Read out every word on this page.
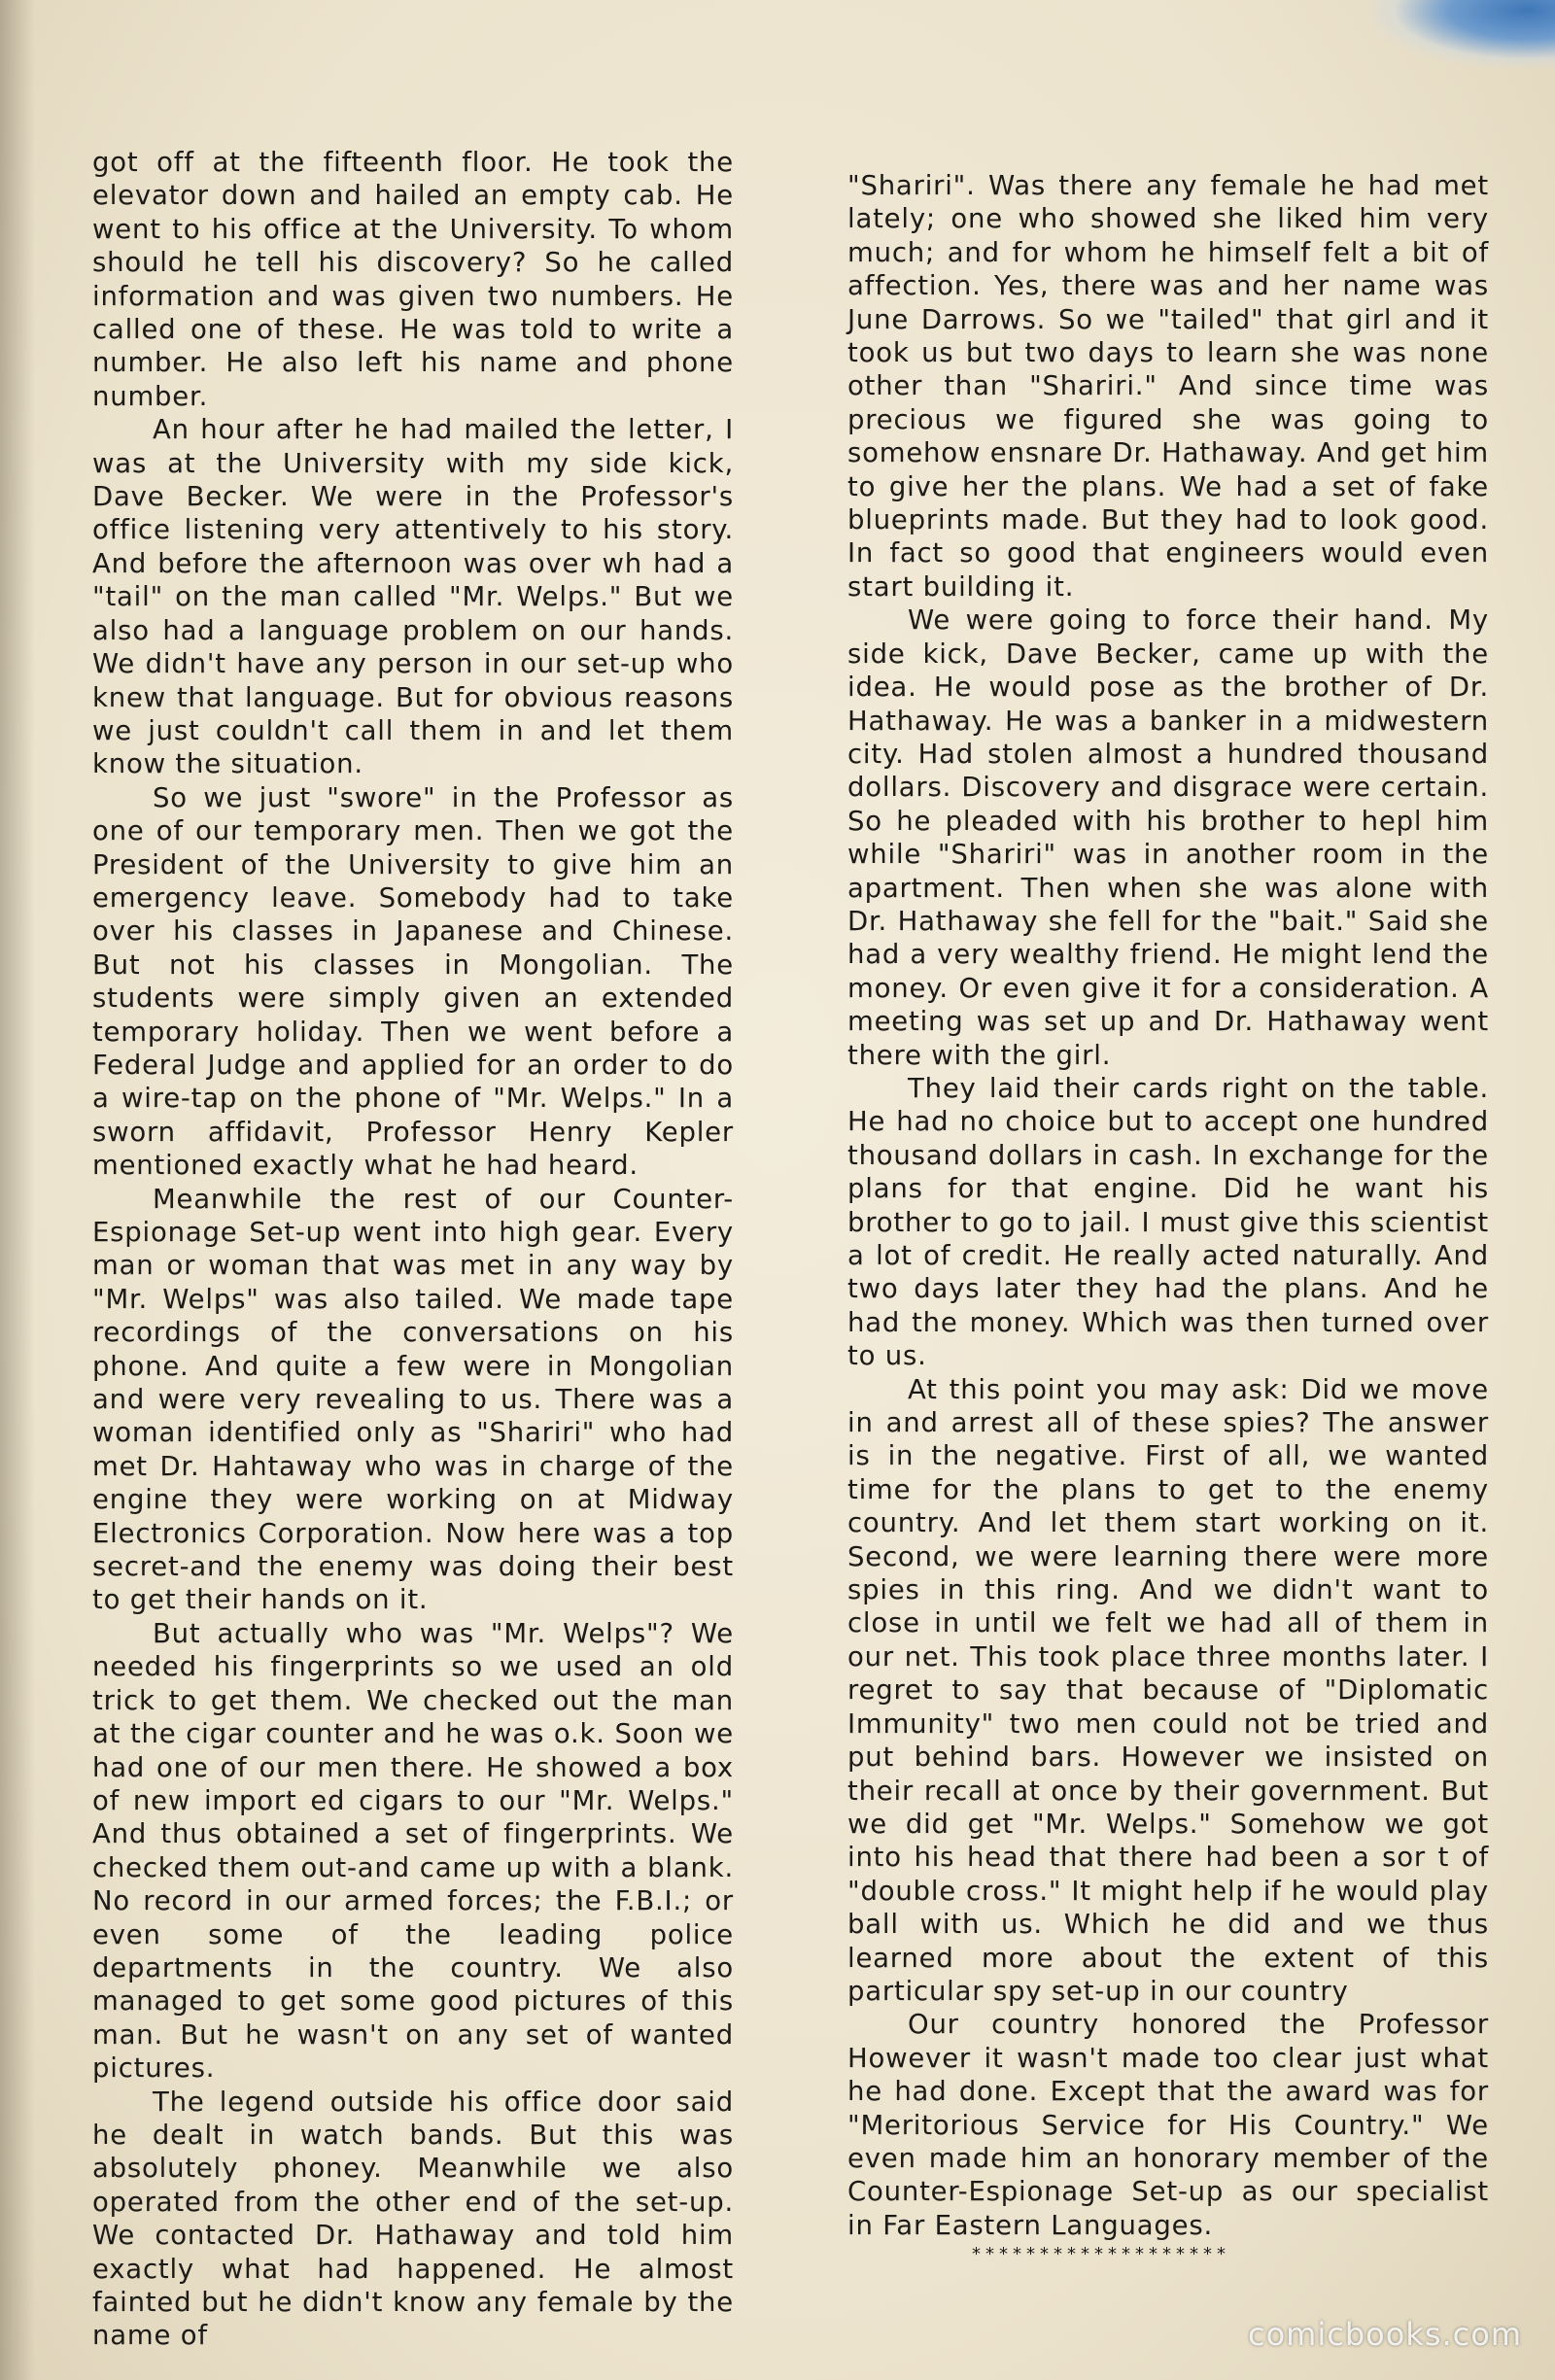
got off at the fifteenth floor. He took the elevator down and hailed an empty cab. He went to his office at the University. To whom should he tell his discovery? So he called information and was given two numbers. He called one of these. He was told to write a number. He also left his name and phone number.

An hour after he had mailed the letter, I was at the University with my side kick, Dave Becker. We were in the Professor's office listening very attentively to his story. And before the afternoon was over wh had a "tail" on the man called "Mr. Welps." But we also had a language problem on our hands. We didn't have any person in our set-up who knew that language. But for obvious reasons we just couldn't call them in and let them know the situation.

So we just "swore" in the Professor as one of our temporary men. Then we got the President of the University to give him an emergency leave. Somebody had to take over his classes in Japanese and Chinese. But not his classes in Mongolian. The students were simply given an extended temporary holiday. Then we went before a Federal Judge and applied for an order to do a wire-tap on the phone of "Mr. Welps." In a sworn affidavit, Professor Henry Kepler mentioned exactly what he had heard.

Meanwhile the rest of our Counter-Espionage Set-up went into high gear. Every man or woman that was met in any way by "Mr. Welps" was also tailed. We made tape recordings of the conversations on his phone. And quite a few were in Mongolian and were very revealing to us. There was a woman identified only as "Shariri" who had met Dr. Hahtaway who was in charge of the engine they were working on at Midway Electronics Corporation. Now here was a top secret-and the enemy was doing their best to get their hands on it.

But actually who was "Mr. Welps"? We needed his fingerprints so we used an old trick to get them. We checked out the man at the cigar counter and he was o.k. Soon we had one of our men there. He showed a box of new import ed cigars to our "Mr. Welps." And thus obtained a set of fingerprints. We checked them out-and came up with a blank. No record in our armed forces; the F.B.I.; or even some of the leading police departments in the country. We also managed to get some good pictures of this man. But he wasn't on any set of wanted pictures.

The legend outside his office door said he dealt in watch bands. But this was absolutely phoney. Meanwhile we also operated from the other end of the set-up. We contacted Dr. Hathaway and told him exactly what had happened. He almost fainted but he didn't know any female by the name of

"Shariri". Was there any female he had met lately; one who showed she liked him very much; and for whom he himself felt a bit of affection. Yes, there was and her name was June Darrows. So we "tailed" that girl and it took us but two days to learn she was none other than "Shariri." And since time was precious we figured she was going to somehow ensnare Dr. Hathaway. And get him to give her the plans. We had a set of fake blueprints made. But they had to look good. In fact so good that engineers would even start building it.

We were going to force their hand. My side kick, Dave Becker, came up with the idea. He would pose as the brother of Dr. Hathaway. He was a banker in a midwestern city. Had stolen almost a hundred thousand dollars. Discovery and disgrace were certain. So he pleaded with his brother to hepl him while "Shariri" was in another room in the apartment. Then when she was alone with Dr. Hathaway she fell for the "bait." Said she had a very wealthy friend. He might lend the money. Or even give it for a consideration. A meeting was set up and Dr. Hathaway went there with the girl.

They laid their cards right on the table. He had no choice but to accept one hundred thousand dollars in cash. In exchange for the plans for that engine. Did he want his brother to go to jail. I must give this scientist a lot of credit. He really acted naturally. And two days later they had the plans. And he had the money. Which was then turned over to us.

At this point you may ask: Did we move in and arrest all of these spies? The answer is in the negative. First of all, we wanted time for the plans to get to the enemy country. And let them start working on it. Second, we were learning there were more spies in this ring. And we didn't want to close in until we felt we had all of them in our net. This took place three months later. I regret to say that because of "Diplomatic Immunity" two men could not be tried and put behind bars. However we insisted on their recall at once by their government. But we did get "Mr. Welps." Somehow we got into his head that there had been a sor t of "double cross." It might help if he would play ball with us. Which he did and we thus learned more about the extent of this particular spy set-up in our country

Our country honored the Professor However it wasn't made too clear just what he had done. Except that the award was for "Meritorious Service for His Country." We even made him an honorary member of the Counter-Espionage Set-up as our specialist in Far Eastern Languages.

*******************
comicbooks.com
